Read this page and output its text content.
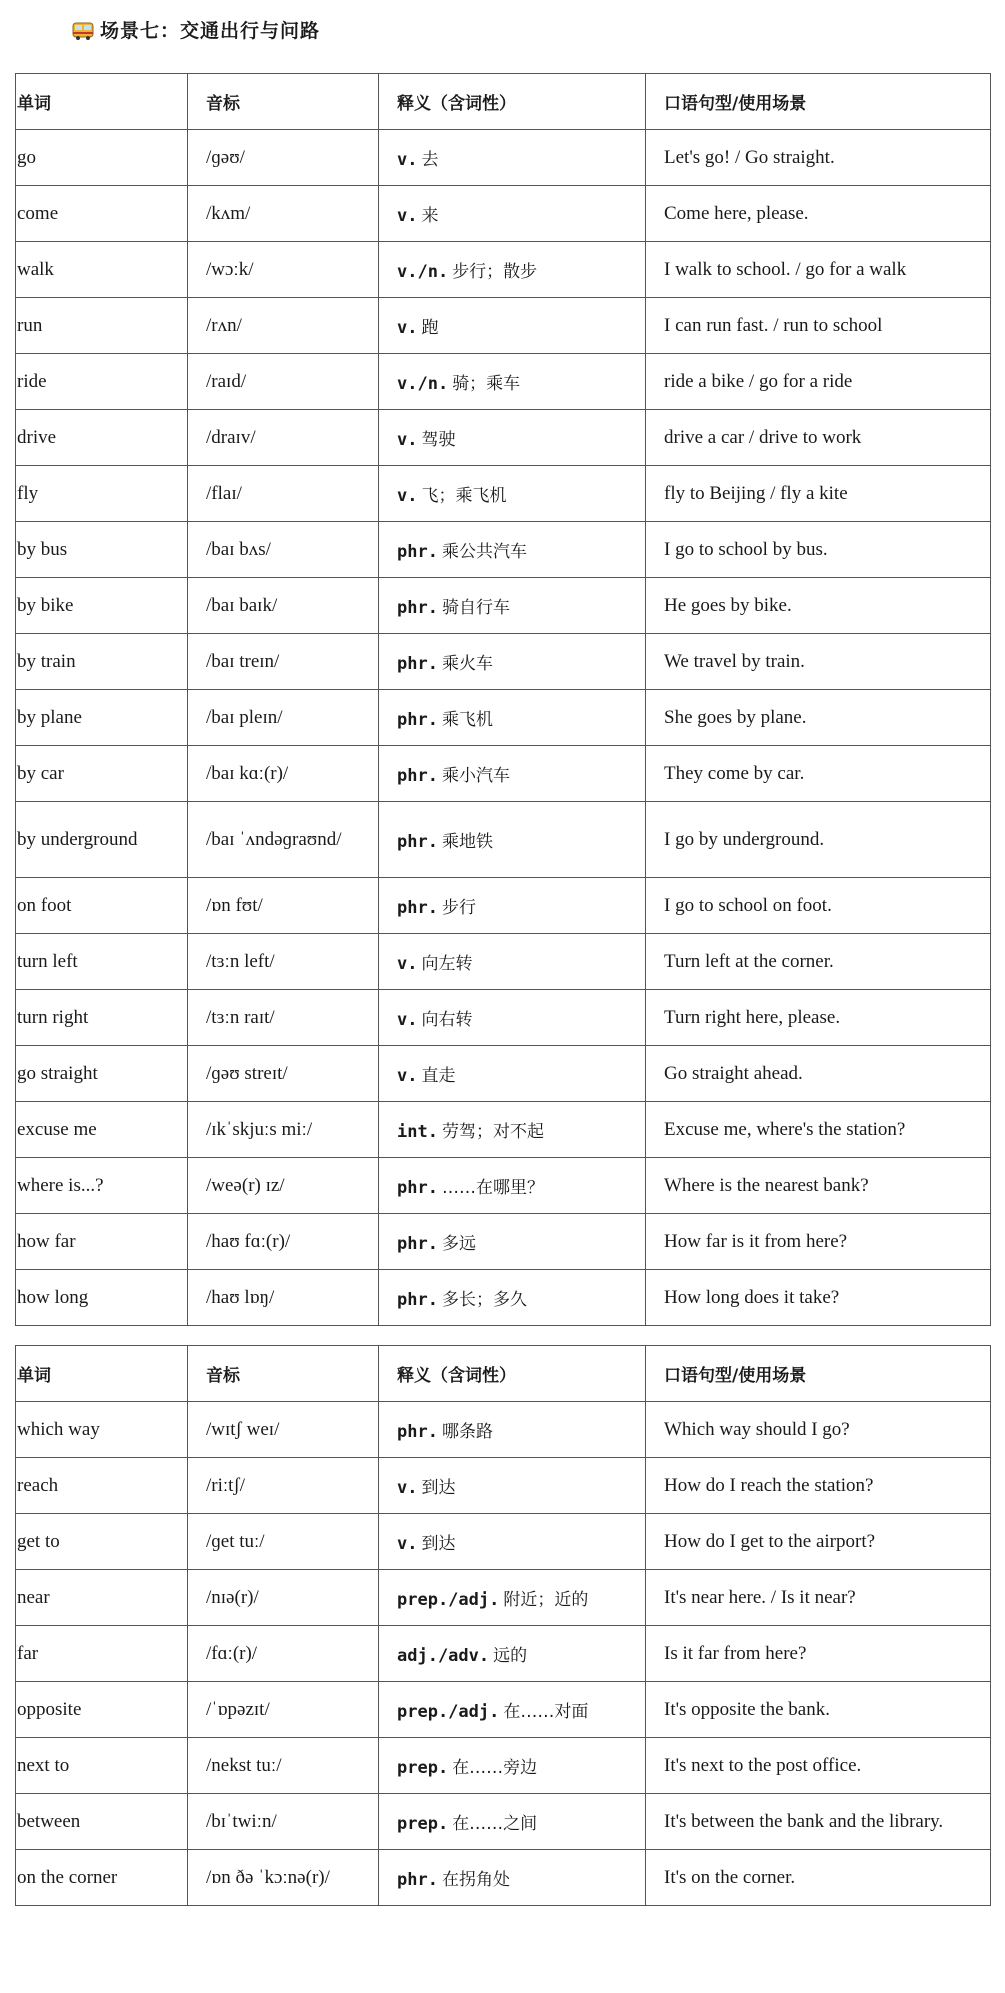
场景七：交通出行与问路
单词	音标	释义（含词性）	口语句型/使用场景
go	/ɡəʊ/	v. 去	Let's go! / Go straight.
come	/kʌm/	v. 来	Come here, please.
walk	/wɔːk/	v./n. 步行；散步	I walk to school. / go for a walk
run	/rʌn/	v. 跑	I can run fast. / run to school
ride	/raɪd/	v./n. 骑；乘车	ride a bike / go for a ride
drive	/draɪv/	v. 驾驶	drive a car / drive to work
fly	/flaɪ/	v. 飞；乘飞机	fly to Beijing / fly a kite
by bus	/baɪ bʌs/	phr. 乘公共汽车	I go to school by bus.
by bike	/baɪ baɪk/	phr. 骑自行车	He goes by bike.
by train	/baɪ treɪn/	phr. 乘火车	We travel by train.
by plane	/baɪ pleɪn/	phr. 乘飞机	She goes by plane.
by car	/baɪ kɑː(r)/	phr. 乘小汽车	They come by car.
by underground	/baɪ ˈʌndəɡraʊnd/	phr. 乘地铁	I go by underground.
on foot	/ɒn fʊt/	phr. 步行	I go to school on foot.
turn left	/tɜːn left/	v. 向左转	Turn left at the corner.
turn right	/tɜːn raɪt/	v. 向右转	Turn right here, please.
go straight	/ɡəʊ streɪt/	v. 直走	Go straight ahead.
excuse me	/ɪkˈskjuːs miː/	int. 劳驾；对不起	Excuse me, where's the station?
where is...?	/weə(r) ɪz/	phr. ……在哪里？	Where is the nearest bank?
how far	/haʊ fɑː(r)/	phr. 多远	How far is it from here?
how long	/haʊ lɒŋ/	phr. 多长；多久	How long does it take?
单词	音标	释义（含词性）	口语句型/使用场景
which way	/wɪtʃ weɪ/	phr. 哪条路	Which way should I go?
reach	/riːtʃ/	v. 到达	How do I reach the station?
get to	/ɡet tuː/	v. 到达	How do I get to the airport?
near	/nɪə(r)/	prep./adj. 附近；近的	It's near here. / Is it near?
far	/fɑː(r)/	adj./adv. 远的	Is it far from here?
opposite	/ˈɒpəzɪt/	prep./adj. 在……对面	It's opposite the bank.
next to	/nekst tuː/	prep. 在……旁边	It's next to the post office.
between	/bɪˈtwiːn/	prep. 在……之间	It's between the bank and the library.
on the corner	/ɒn ðə ˈkɔːnə(r)/	phr. 在拐角处	It's on the corner.
